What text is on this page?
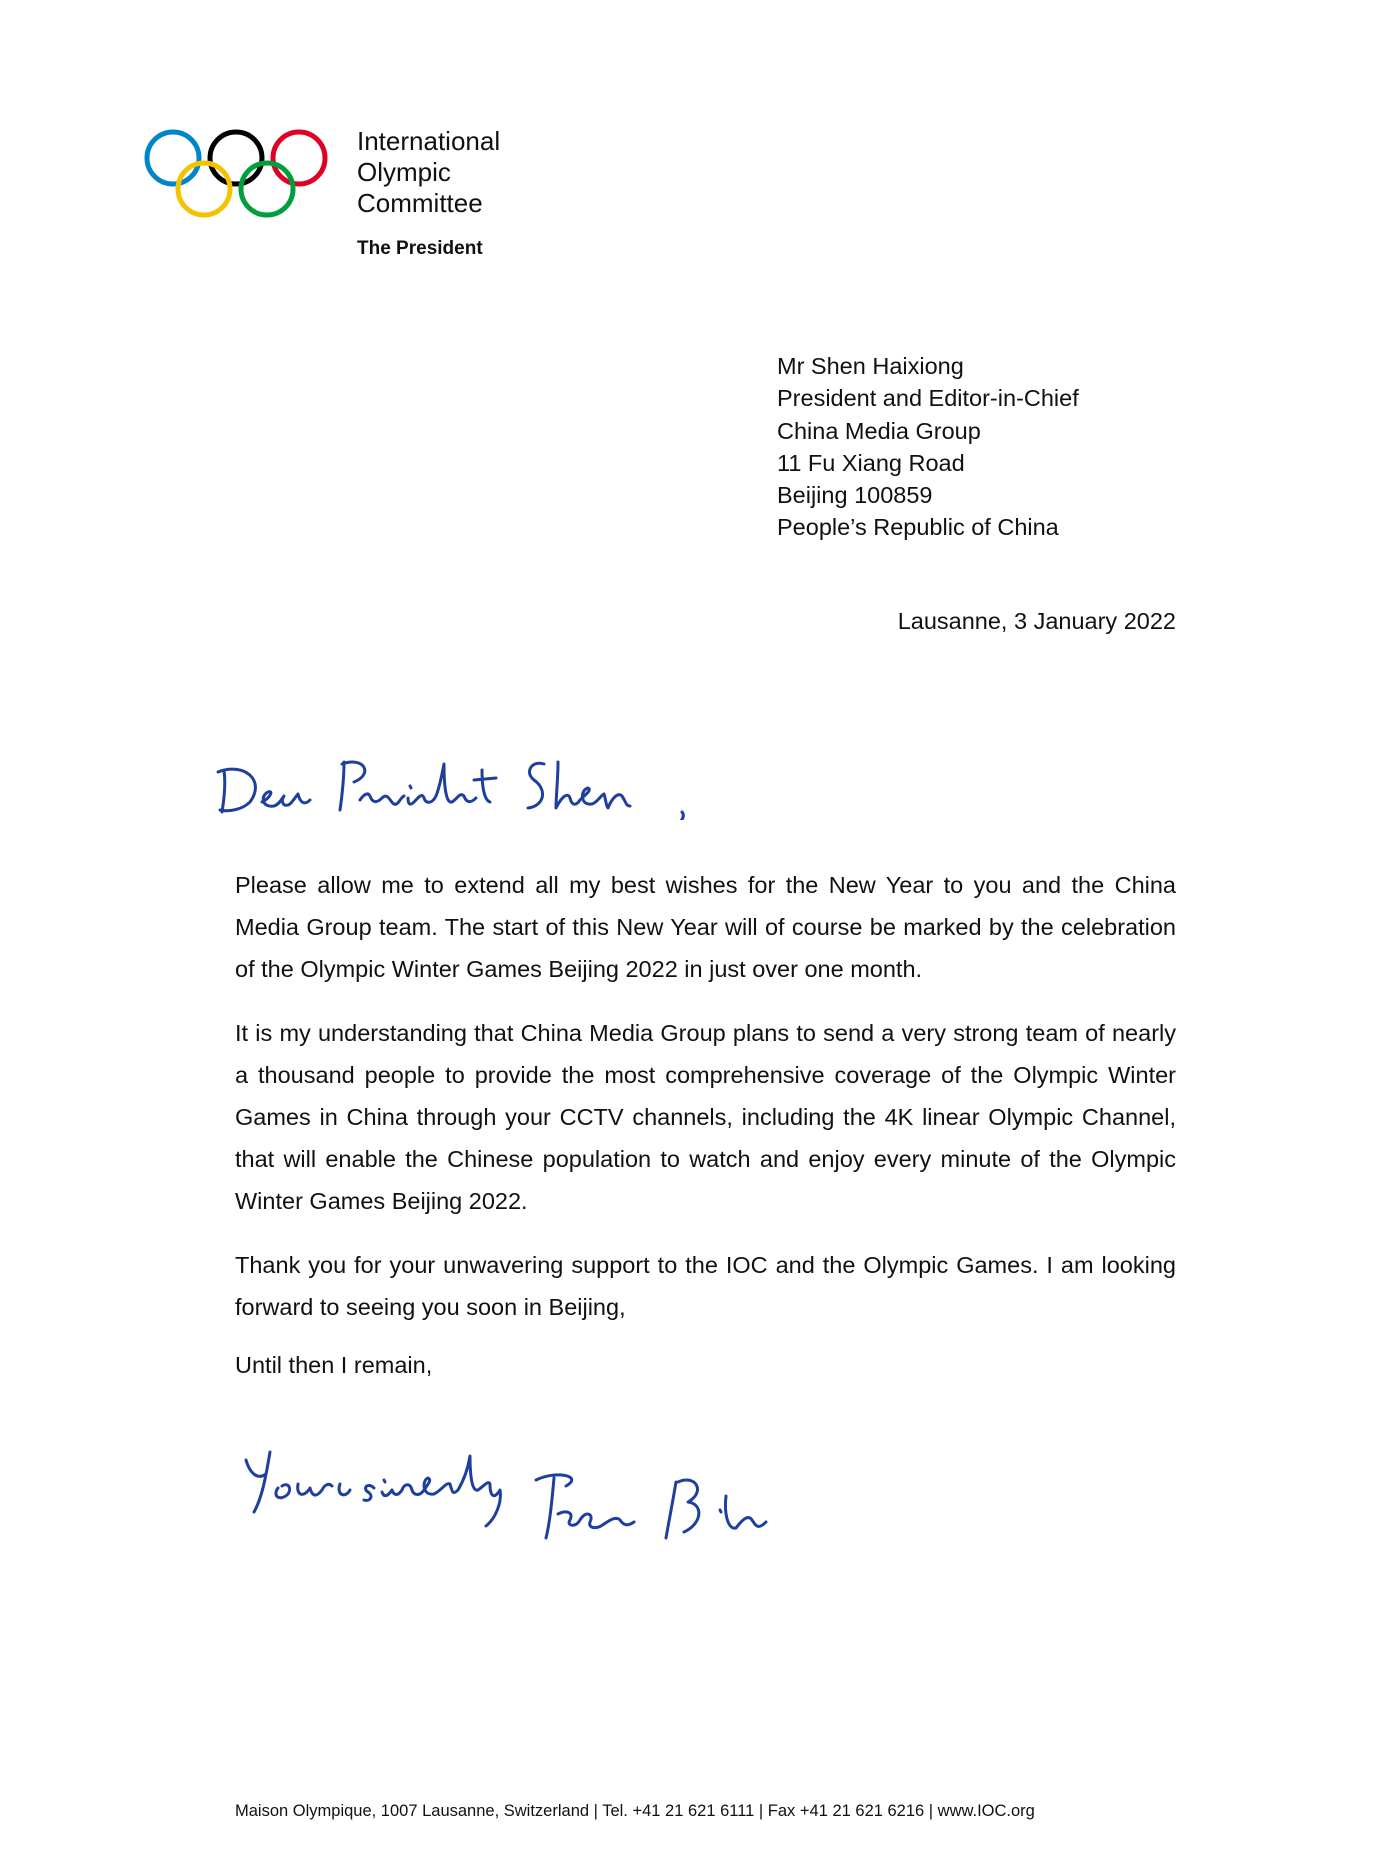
International
Olympic
Committee
The President
Mr Shen Haixiong
President and Editor-in-Chief
China Media Group
11 Fu Xiang Road
Beijing 100859
People’s Republic of China
Lausanne, 3 January 2022

Please allow me to extend all my best wishes for the New Year to you and the China Media Group team. The start of this New Year will of course be marked by the celebration of the Olympic Winter Games Beijing 2022 in just over one month.

It is my understanding that China Media Group plans to send a very strong team of nearly a thousand people to provide the most comprehensive coverage of the Olympic Winter Games in China through your CCTV channels, including the 4K linear Olympic Channel, that will enable the Chinese population to watch and enjoy every minute of the Olympic Winter Games Beijing 2022.

Thank you for your unwavering support to the IOC and the Olympic Games. I am looking forward to seeing you soon in Beijing,

Until then I remain,
Maison Olympique, 1007 Lausanne, Switzerland | Tel. +41 21 621 6111 | Fax +41 21 621 6216 | www.IOC.org
